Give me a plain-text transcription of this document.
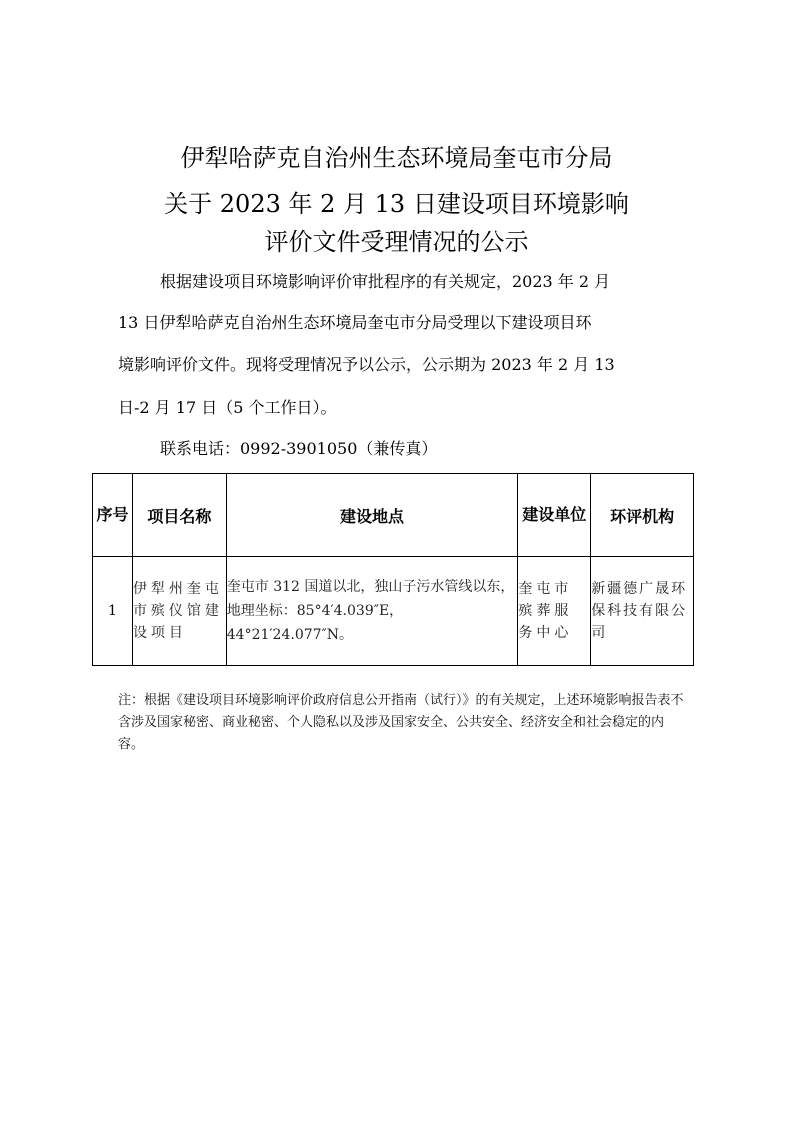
伊犁哈萨克自治州生态环境局奎屯市分局
关于 2023 年 2 月 13 日建设项目环境影响
评价文件受理情况的公示
根据建设项目环境影响评价审批程序的有关规定，2023 年 2 月
13 日伊犁哈萨克自治州生态环境局奎屯市分局受理以下建设项目环
境影响评价文件。现将受理情况予以公示，公示期为 2023 年 2 月 13
日-2 月 17 日（5 个工作日）。
联系电话：0992-3901050（兼传真）
序号	项目名称	建设地点	建设单位	环评机构
1	伊犁州奎屯市殡仪馆建设项目	奎屯市 312 国道以北，独山子污水管线以东，地理坐标：85°4′4.039″E，44°21′24.077″N。	奎屯市殡葬服务中心	新疆德广晟环保科技有限公司
注：根据《建设项目环境影响评价政府信息公开指南（试行）》的有关规定，上述环境影响报告表不含涉及国家秘密、商业秘密、个人隐私以及涉及国家安全、公共安全、经济安全和社会稳定的内容。
